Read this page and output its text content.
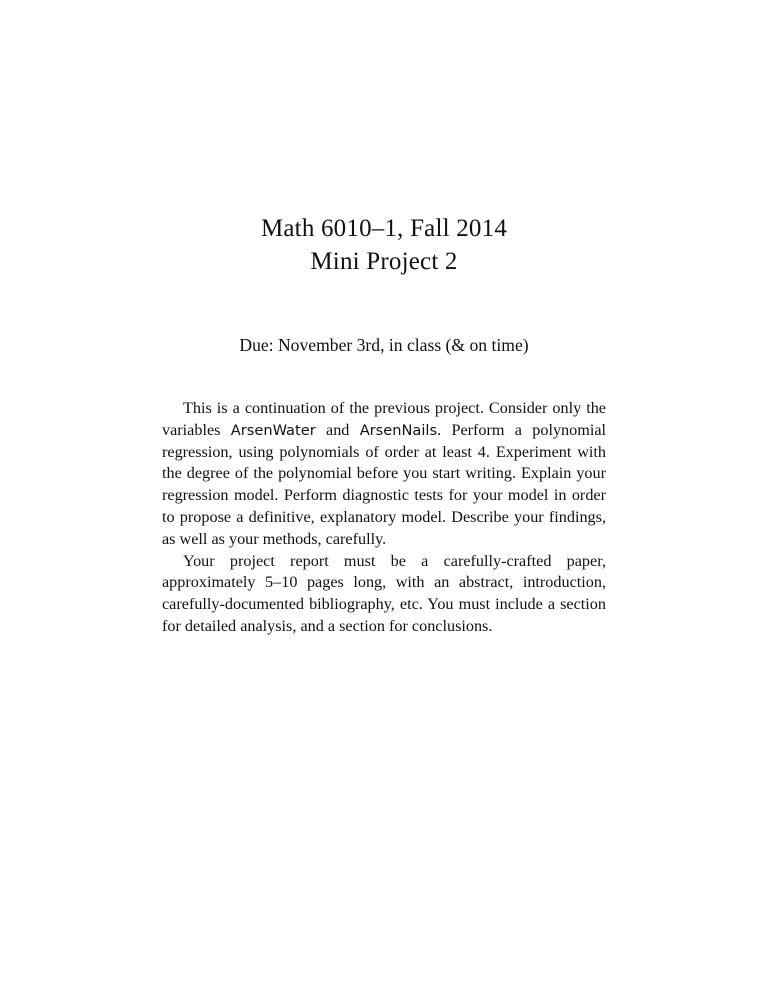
Math 6010–1, Fall 2014
Mini Project 2
Due: November 3rd, in class (& on time)

This is a continuation of the previous project. Consider only the variables ArsenWater and ArsenNails. Perform a polynomial regression, using polynomials of order at least 4. Experiment with the degree of the polynomial before you start writing. Explain your regression model. Perform diagnostic tests for your model in order to propose a definitive, explanatory model. Describe your findings, as well as your methods, carefully.

Your project report must be a carefully-crafted paper, approximately 5–10 pages long, with an abstract, introduction, carefully-documented bibliography, etc. You must include a section for detailed analysis, and a section for conclusions.
